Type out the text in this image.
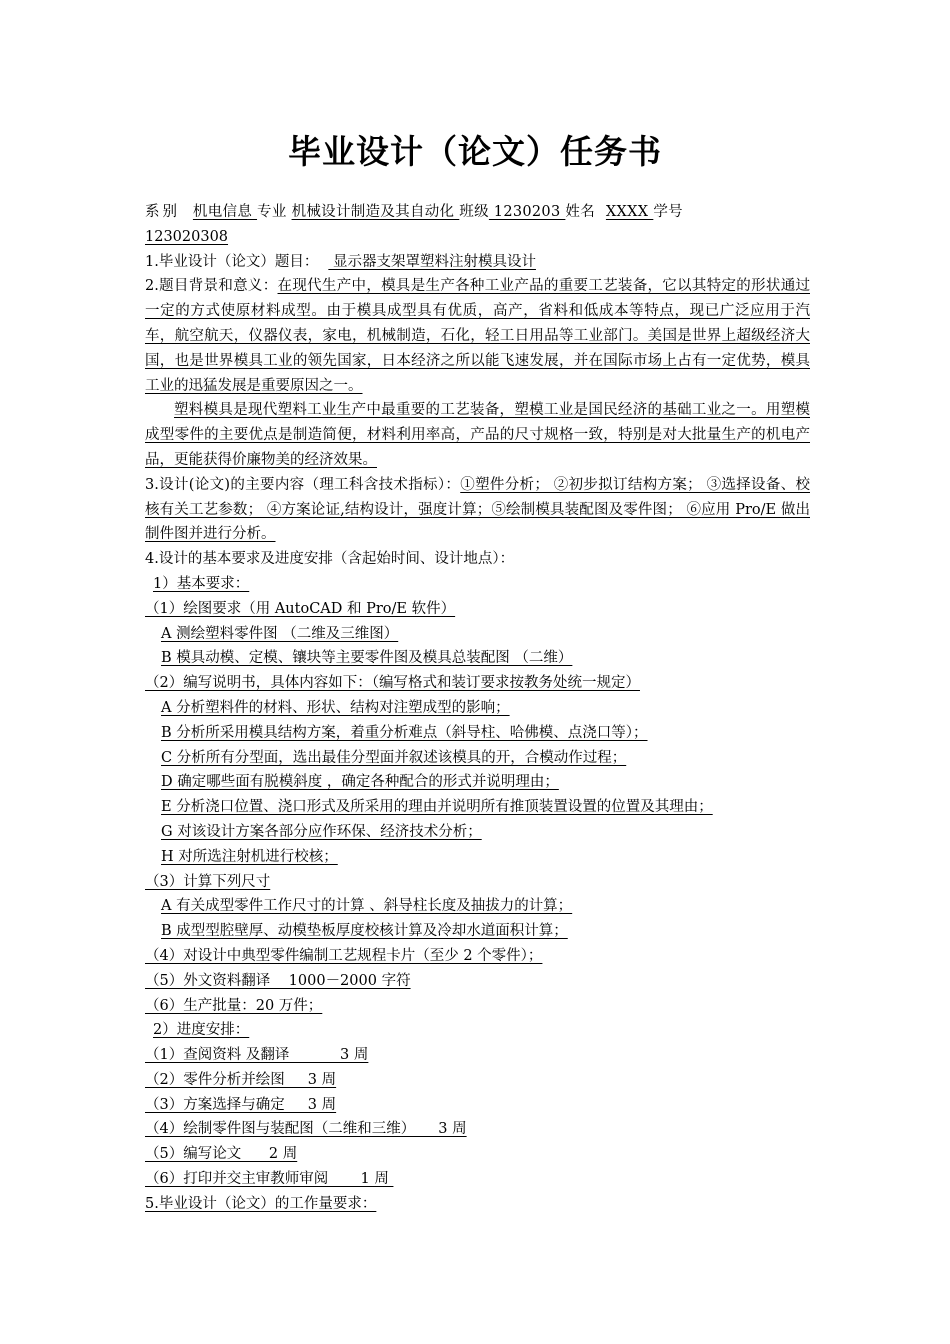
毕业设计（论文）任务书

系别 机电信息 专业 机械设计制造及其自动化 班级 1230203 姓名 XXXX 学号

123020308

1.毕业设计（论文）题目： 显示器支架罩塑料注射模具设计

2.题目背景和意义：在现代生产中，模具是生产各种工业产品的重要工艺装备，它以其特定的形状通过一定的方式使原材料成型。由于模具成型具有优质，高产，省料和低成本等特点，现已广泛应用于汽车，航空航天，仪器仪表，家电，机械制造，石化，轻工日用品等工业部门。美国是世界上超级经济大国，也是世界模具工业的领先国家，日本经济之所以能飞速发展，并在国际市场上占有一定优势，模具工业的迅猛发展是重要原因之一。

塑料模具是现代塑料工业生产中最重要的工艺装备，塑模工业是国民经济的基础工业之一。用塑模成型零件的主要优点是制造简便，材料利用率高，产品的尺寸规格一致，特别是对大批量生产的机电产品，更能获得价廉物美的经济效果。

3.设计(论文)的主要内容（理工科含技术指标）：①塑件分析； ②初步拟订结构方案； ③选择设备、校核有关工艺参数； ④方案论证,结构设计，强度计算；⑤绘制模具装配图及零件图； ⑥应用 Pro/E 做出制件图并进行分析。

4.设计的基本要求及进度安排（含起始时间、设计地点）：

1）基本要求：

（1）绘图要求（用 AutoCAD 和 Pro/E 软件）

A 测绘塑料零件图 （二维及三维图）

B 模具动模、定模、镶块等主要零件图及模具总装配图 （二维）

（2）编写说明书，具体内容如下：（编写格式和装订要求按教务处统一规定）

A 分析塑料件的材料、形状、结构对注塑成型的影响；

B 分析所采用模具结构方案，着重分析难点（斜导柱、哈佛模、点浇口等）；

C 分析所有分型面，选出最佳分型面并叙述该模具的开，合模动作过程；

D 确定哪些面有脱模斜度 ，确定各种配合的形式并说明理由；

E 分析浇口位置、浇口形式及所采用的理由并说明所有推顶装置设置的位置及其理由；

G 对该设计方案各部分应作环保、经济技术分析；

H 对所选注射机进行校核；

（3）计算下列尺寸

A 有关成型零件工作尺寸的计算 、斜导柱长度及抽拔力的计算；

B 成型型腔壁厚、动模垫板厚度校核计算及冷却水道面积计算；

（4）对设计中典型零件编制工艺规程卡片（至少 2 个零件）；

（5）外文资料翻译    1000－2000 字符

（6）生产批量：20 万件；

2）进度安排：

（1）查阅资料 及翻译           3 周

（2）零件分析并绘图     3 周

（3）方案选择与确定     3 周

（4）绘制零件图与装配图（二维和三维）     3 周

（5）编写论文      2 周

（6）打印并交主审教师审阅       1 周

5.毕业设计（论文）的工作量要求：
